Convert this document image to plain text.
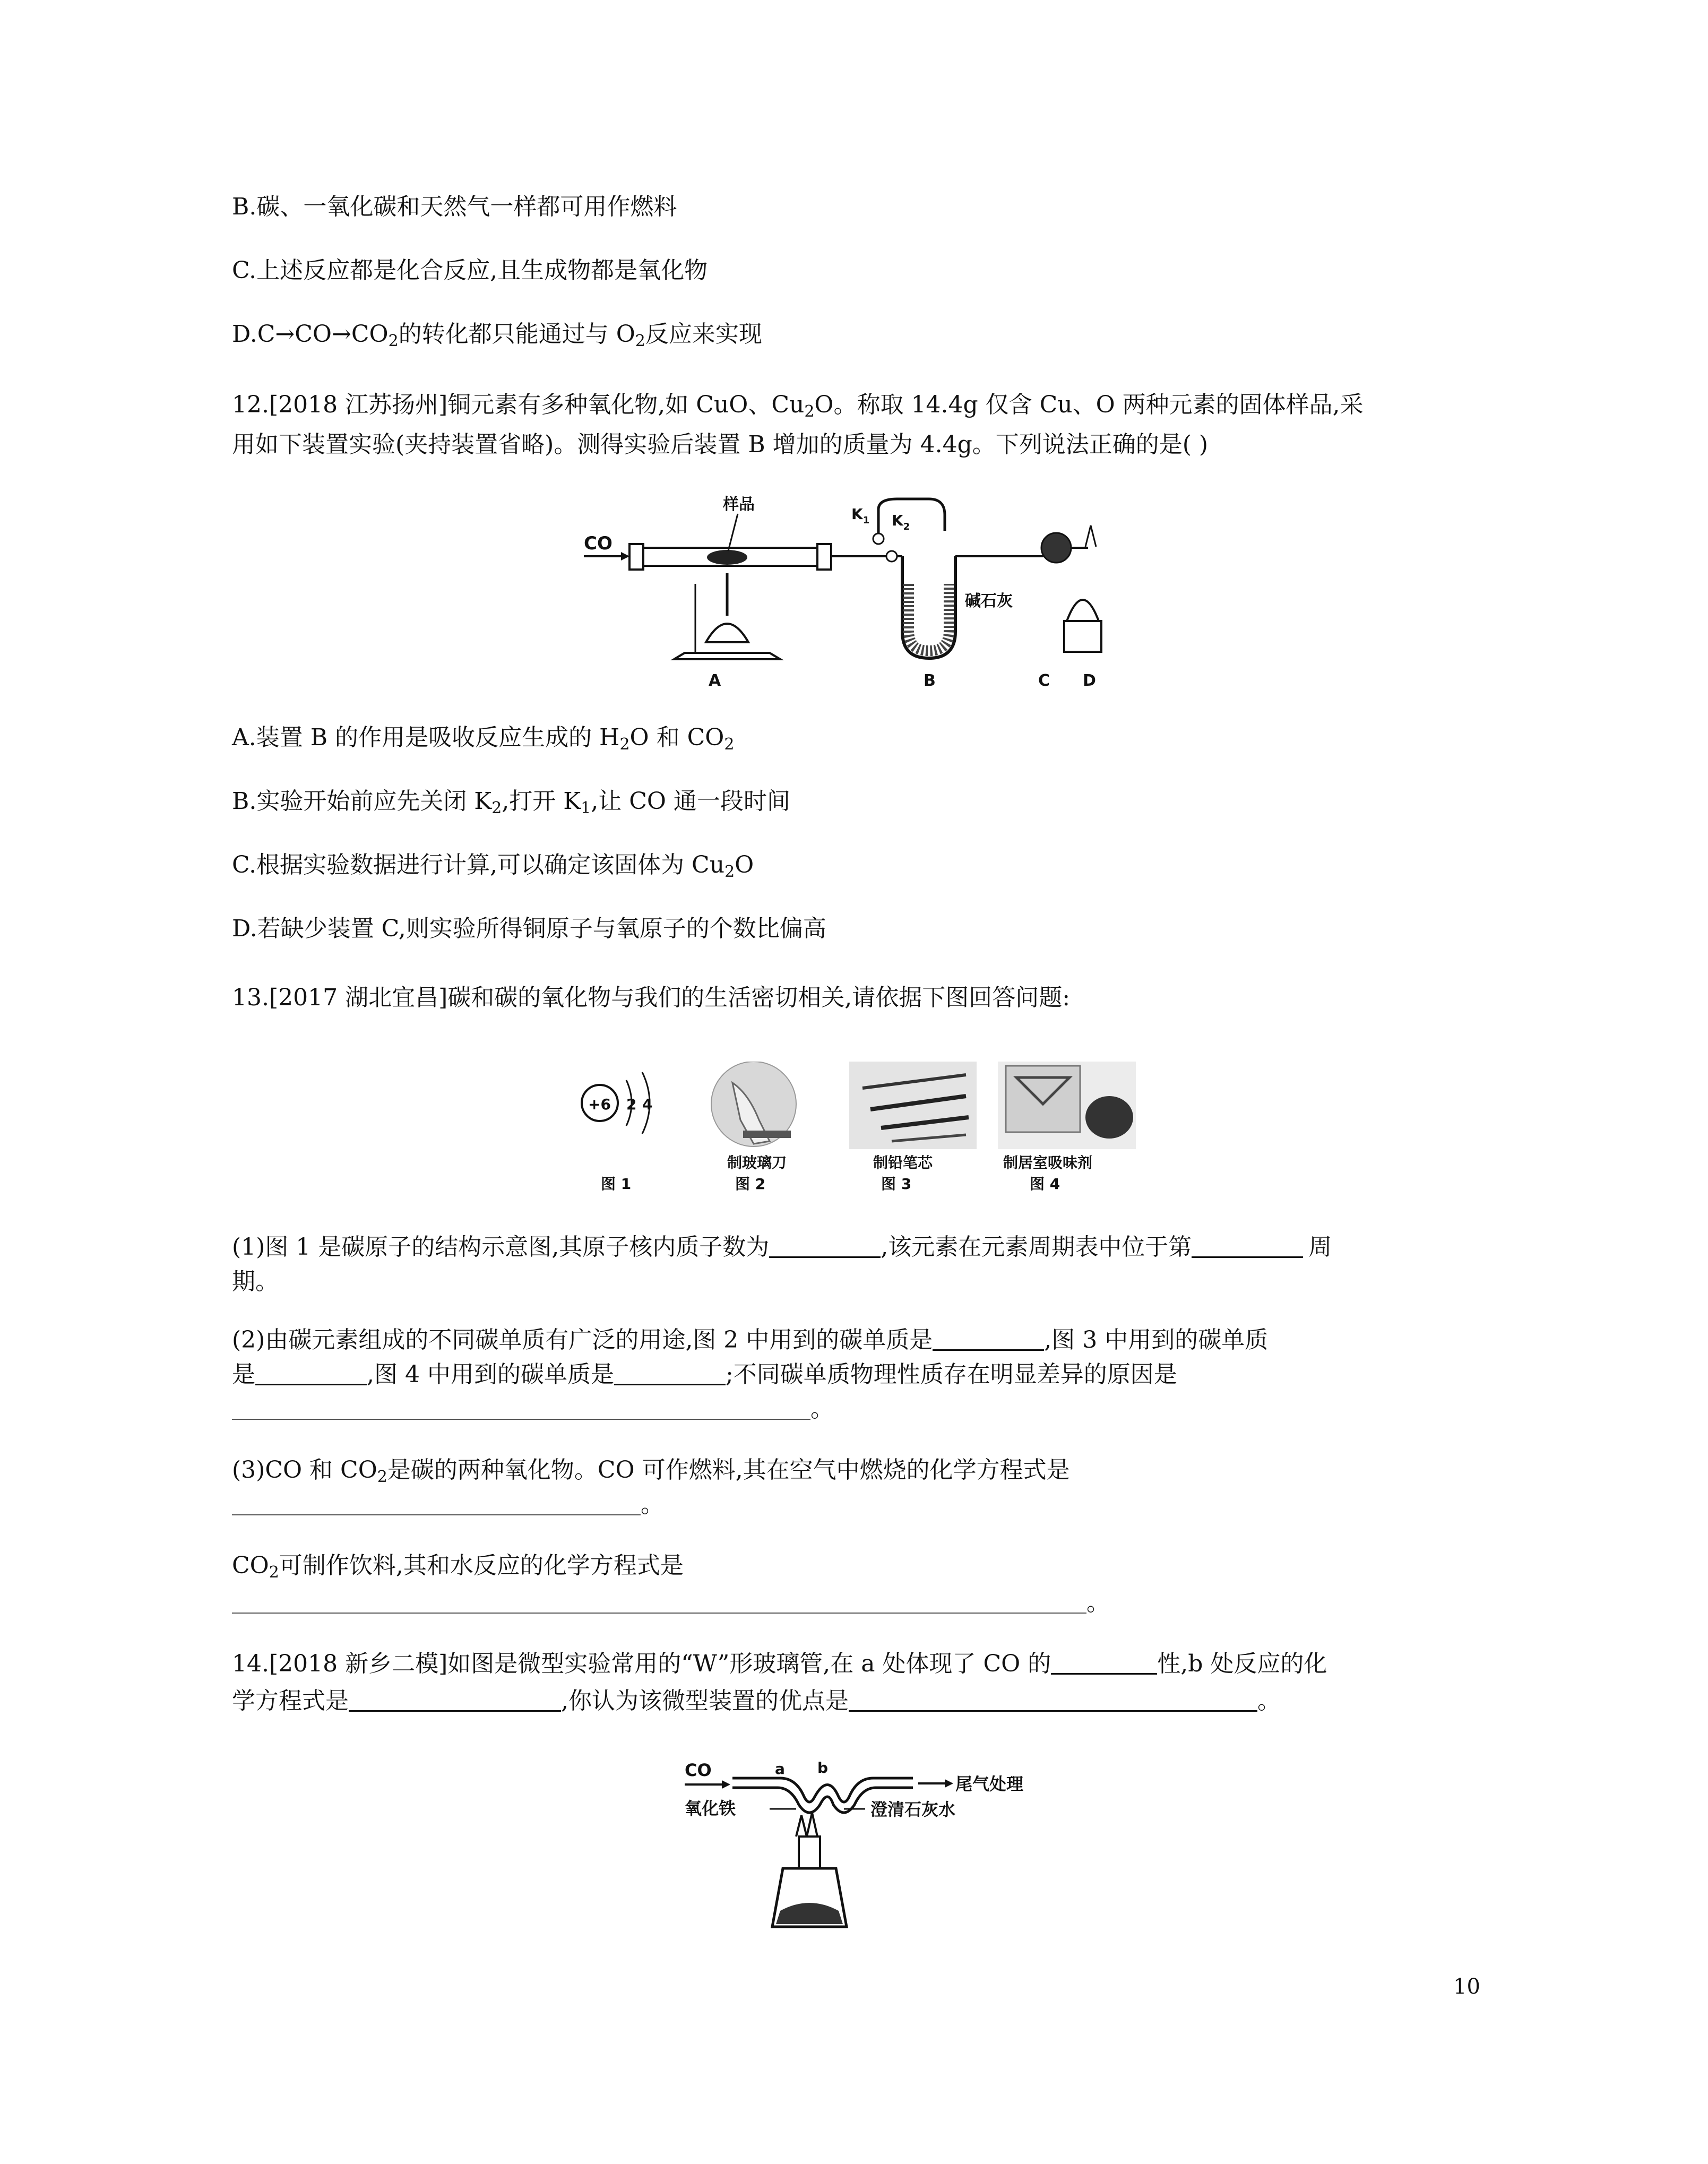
B.碳、一氧化碳和天然气一样都可用作燃料
C.上述反应都是化合反应,且生成物都是氧化物
$D.C\to CO\to CO_2$的转化都只能通过与 $O_2$反应来实现
12.[2018 江苏扬州]铜元素有多种氧化物,如 CuO、$Cu_2O$。称取 14.4g 仅含 Cu、O 两种元素的固体样品,采
用如下装置实验(夹持装置省略)。测得实验后装置 B 增加的质量为 4.4g。下列说法正确的是( )
CO
样品
$K_1$ $K_2$
碱石灰
A	B	C D
A.装置 B 的作用是吸收反应生成的 $H_2O$ 和 $CO_2$
B.实验开始前应先关闭 $K_2$,打开 $K_1$,让 CO 通一段时间
C.根据实验数据进行计算,可以确定该固体为 $Cu_2O$
D.若缺少装置 C,则实验所得铜原子与氧原子的个数比偏高
13.[2017 湖北宜昌]碳和碳的氧化物与我们的生活密切相关,请依据下图回答问题:
+6 2 4
图 1
制玻璃刀
图 2
制铅笔芯
图 3
制居室吸味剂
图 4
(1)图 1 是碳原子的结构示意图,其原子核内质子数为	,该元素在元素周期表中位于第	周
期。
(2)由碳元素组成的不同碳单质有广泛的用途,图 2 中用到的碳单质是	,图 3 中用到的碳单质
是	,图 4 中用到的碳单质是	;不同碳单质物理性质存在明显差异的原因是
。
(3)CO 和 $CO_2$是碳的两种氧化物。CO 可作燃料,其在空气中燃烧的化学方程式是
。
$CO_2$可制作饮料,其和水反应的化学方程式是
。
14.[2018 新乡二模]如图是微型实验常用的“W”形玻璃管,在 a 处体现了 CO 的	性,b 处反应的化
学方程式是	,你认为该微型装置的优点是	。
CO	a b
尾气处理
氧化铁	澄清石灰水
10
